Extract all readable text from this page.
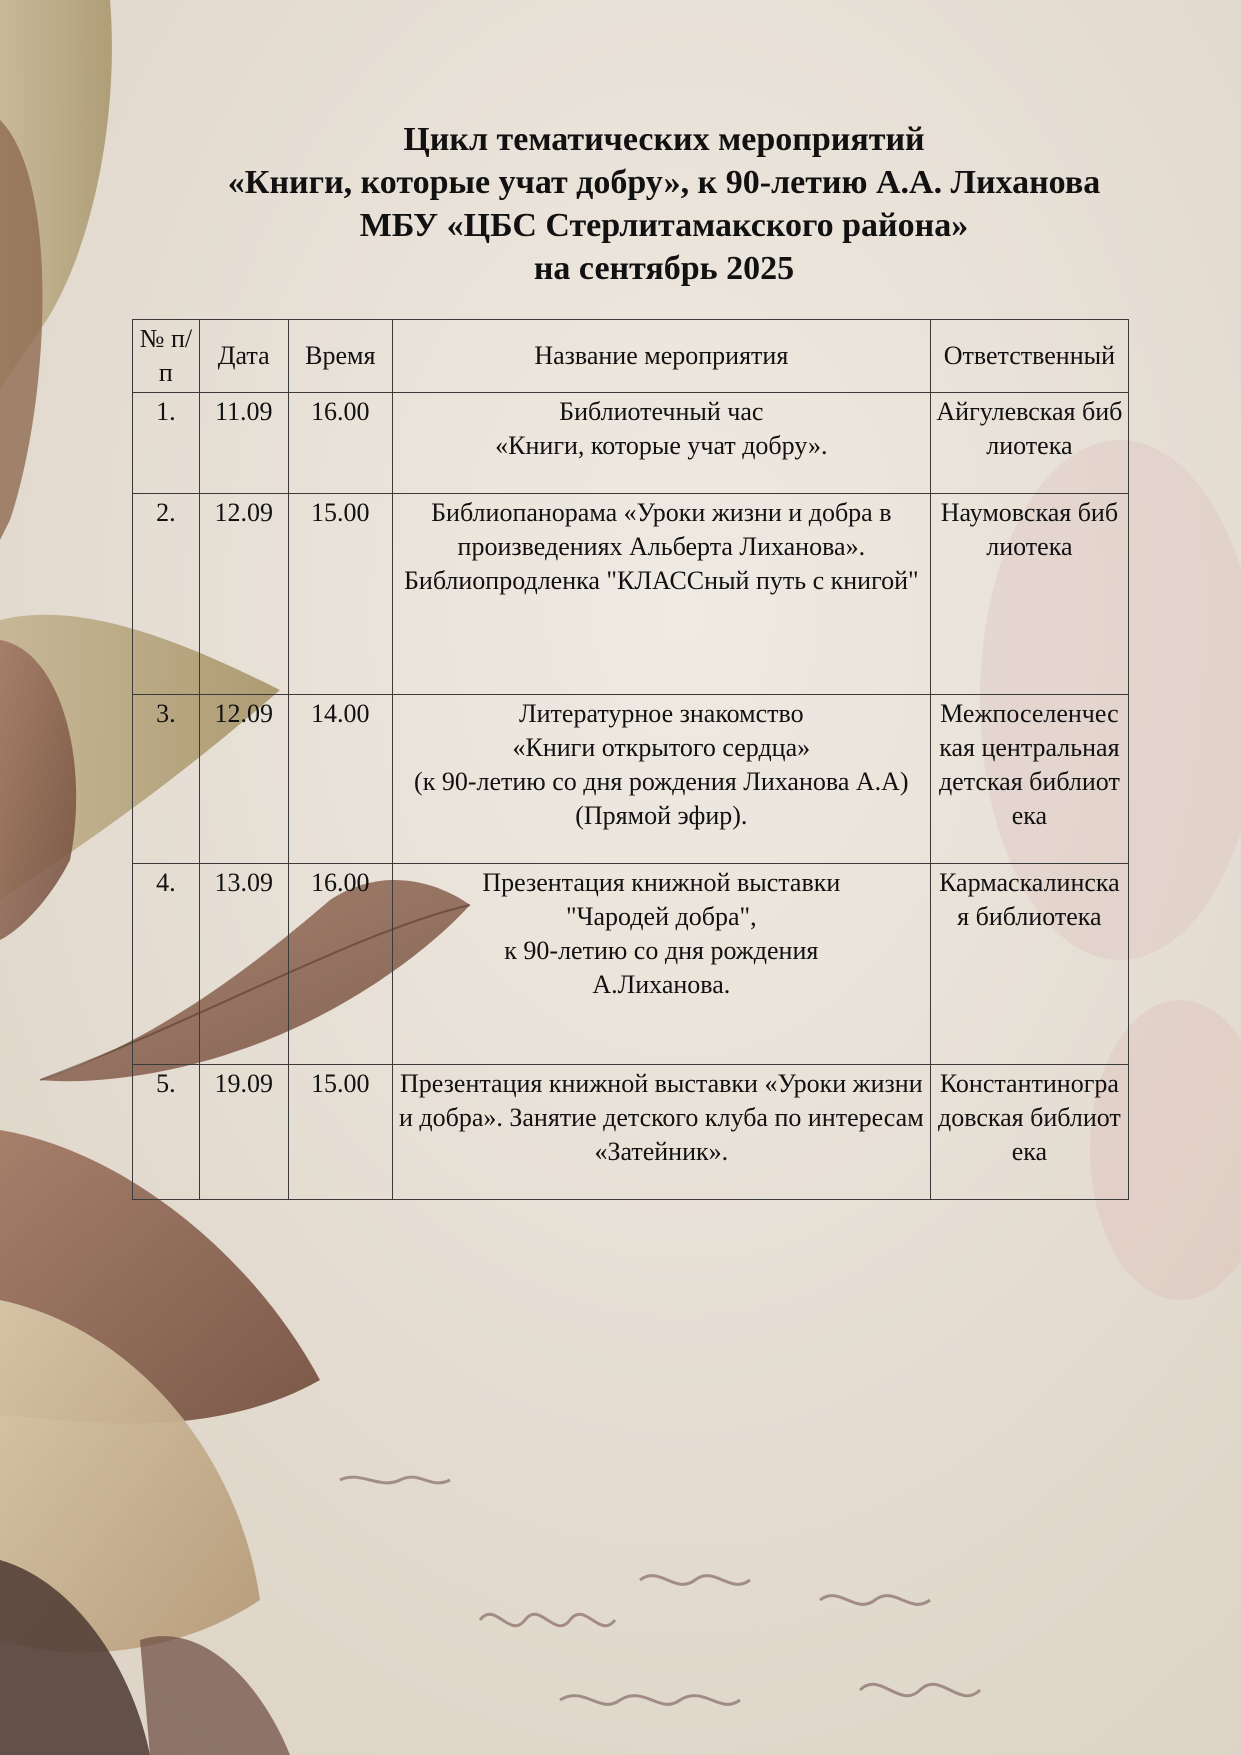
Цикл тематических мероприятий
«Книги, которые учат добру», к 90-летию А.А. Лиханова
МБУ «ЦБС Стерлитамакского района»
на сентябрь 2025
№ п/п	Дата	Время	Название мероприятия	Ответственный
1.	11.09	16.00	Библиотечный час
«Книги, которые учат добру».	Айгулевская библиотека
2.	12.09	15.00	Библиопанорама «Уроки жизни и добра в произведениях Альберта Лиханова». Библиопродленка "КЛАССный путь с книгой"	Наумовская библиотека
3.	12.09	14.00	Литературное знакомство
«Книги открытого сердца»
(к 90-летию со дня рождения Лиханова А.А) (Прямой эфир).	Межпоселенческая центральная детская библиотека
4.	13.09	16.00	Презентация книжной выставки
"Чародей добра",
к 90-летию со дня рождения
А.Лиханова.	Кармаскалинская библиотека
5.	19.09	15.00	Презентация книжной выставки «Уроки жизни и добра». Занятие детского клуба по интересам «Затейник».	Константиноградовская библиотека
